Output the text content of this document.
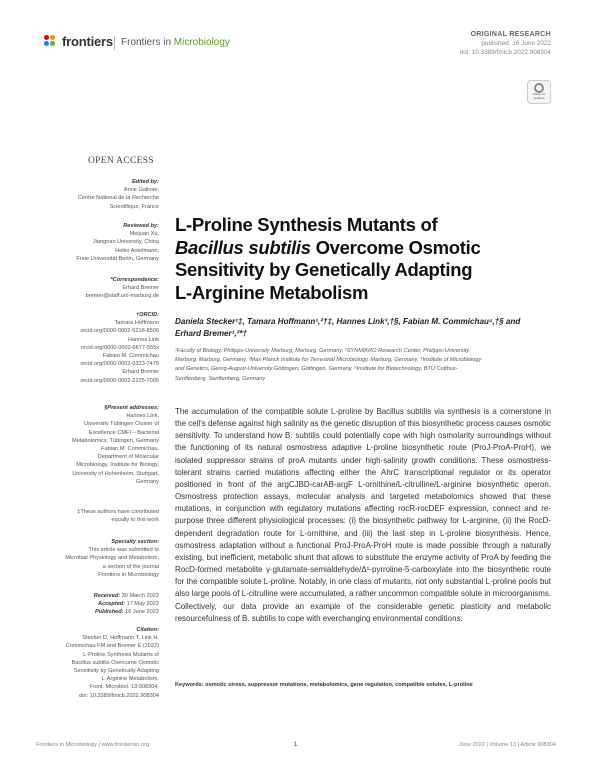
frontiers Frontiers in Microbiology
ORIGINAL RESEARCH
published: 16 June 2022
doi: 10.3389/fmicb.2022.908304
Check for updates
OPEN ACCESS

Edited by:

Anne Galinier,

Centre National de la Recherche

Scientifique, France

Reviewed by:

Meijuan Xu,

Jiangnan University, China

Heiko Antelmann,

Freie Universität Berlin, Germany

*Correspondence:

Erhard Bremer

bremer@staff.uni-marburg.de

†ORCID:

Tamara Hoffmann

orcid.org/0000-0002-5218-8506

Hannes Link

orcid.org/0000-0002-6677-555x

Fabian M. Commichau

orcid.org/0000-0002-0323-7479

Erhard Bremer

orcid.org/0000-0002-2225-7005

§Present addresses:

Hannes Link,

University Tübingen Cluster of

Excellence CMFI – Bacterial

Metabolomics, Tübingen, Germany

Fabian M. Commichau,

Department of Molecular

Microbiology, Institute for Biology,

University of Hohenheim, Stuttgart,

Germany

‡These authors have contributed

equally to this work

Specialty section:

This article was submitted to

Microbial Physiology and Metabolism,

a section of the journal

Frontiers in Microbiology

Received: 30 March 2022

Accepted: 17 May 2022

Published: 16 June 2022

Citation:

Stecker D, Hoffmann T, Link H,

Commichau FM and Bremer E (2022)

L-Proline Synthesis Mutants of

Bacillus subtilis Overcome Osmotic

Sensitivity by Genetically Adapting

L-Arginine Metabolism.

Front. Microbiol. 13:908304.

doi: 10.3389/fmicb.2022.908304

L-Proline Synthesis Mutants of
Bacillus subtilis Overcome Osmotic
Sensitivity by Genetically Adapting
L-Arginine Metabolism
Daniela Stecker¹‡, Tamara Hoffmann¹,²†‡, Hannes Link³,†§, Fabian M. Commichau⁴,†§ and
Erhard Bremer¹,²*†
¹Faculty of Biology, Philipps-University Marburg, Marburg, Germany, ²SYNMIKRO Research Center, Philipps-University
Marburg, Marburg, Germany, ³Max Planck Institute for Terrestrial Microbiology, Marburg, Germany, ⁴Institute of Microbiology
and Genetics, Georg-August-University Göttingen, Göttingen, Germany, ⁵Institute for Biotechnology, BTU Cottbus-
Senftenberg, Senftenberg, Germany
The accumulation of the compatible solute L-proline by Bacillus subtilis via synthesis is a cornerstone in the cell's defense against high salinity as the genetic disruption of this biosynthetic process causes osmotic sensitivity. To understand how B. subtilis could potentially cope with high osmolarity surroundings without the functioning of its natural osmostress adaptive L-proline biosynthetic route (ProJ-ProA-ProH), we isolated suppressor strains of proA mutants under high-salinity growth conditions. These osmostress-tolerant strains carried mutations affecting either the AhrC transcriptional regulator or its operator positioned in front of the argCJBD-carAB-argF L-ornithine/L-citrulline/L-arginine biosynthetic operon. Osmostress protection assays, molecular analysis and targeted metabolomics showed that these mutations, in conjunction with regulatory mutations affecting rocR-rocDEF expression, connect and re-purpose three different physiological processes: (i) the biosynthetic pathway for L-arginine, (ii) the RocD-dependent degradation route for L-ornithine, and (iii) the last step in L-proline biosynthesis. Hence, osmostress adaptation without a functional ProJ-ProA-ProH route is made possible through a naturally existing, but inefficient, metabolic shunt that allows to substitute the enzyme activity of ProA by feeding the RocD-formed metabolite γ-glutamate-semialdehyde/Δ¹-pyrroline-5-carboxylate into the biosynthetic route for the compatible solute L-proline. Notably, in one class of mutants, not only substantial L-proline pools but also large pools of L-citrulline were accumulated, a rather uncommon compatible solute in microorganisms. Collectively, our data provide an example of the considerable genetic plasticity and metabolic resourcefulness of B. subtilis to cope with everchanging environmental conditions.
Keywords: osmotic stress, suppressor mutations, metabolomics, gene regulation, compatible solutes, L-proline
Frontiers in Microbiology | www.frontiersin.org	1	June 2022 | Volume 13 | Article 908304
